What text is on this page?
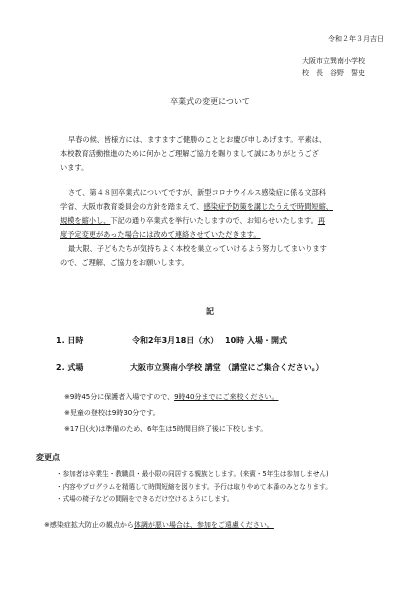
令和２年３月吉日
大阪市立巽南小学校
校　長　谷野　誓史
卒業式の変更について

早春の候、皆様方には、ますますご健勝のこととお慶び申しあげます。平素は、

本校教育活動推進のために何かとご理解ご協力を賜りまして誠にありがとうござ

います。

さて、第４８回卒業式についてですが、新型コロナウイルス感染症に係る文部科

学省、大阪市教育委員会の方針を踏まえて、感染症予防策を講じたうえで時間短縮、

規模を縮小し、下記の通り卒業式を挙行いたしますので、お知らせいたします。再

度予定変更があった場合には改めて連絡させていただきます。

最大限、子どもたちが気持ちよく本校を巣立っていけるよう努力してまいります

ので、ご理解、ご協力をお願いします。

記
1. 日時	令和2年3月18日（水）　 10時 入場・開式
2. 式場	大阪市立巽南小学校 講堂 （講堂にご集合ください。）
※9時45分に保護者入場ですので、9時40分までにご来校ください。
※児童の登校は9時30分です。
※17日(火)は準備のため、6年生は5時間目終了後に下校します。
変更点
・参加者は卒業生・教職員・最小限の同居する親族とします。(来賓・5年生は参加しません)
・内容やプログラムを精選して時間短縮を図ります。予行は取りやめて本番のみとなります。
・式場の椅子などの間隔をできるだけ空けるようにします。
※感染症拡大防止の観点から体調が悪い場合は、参加をご遠慮ください。
